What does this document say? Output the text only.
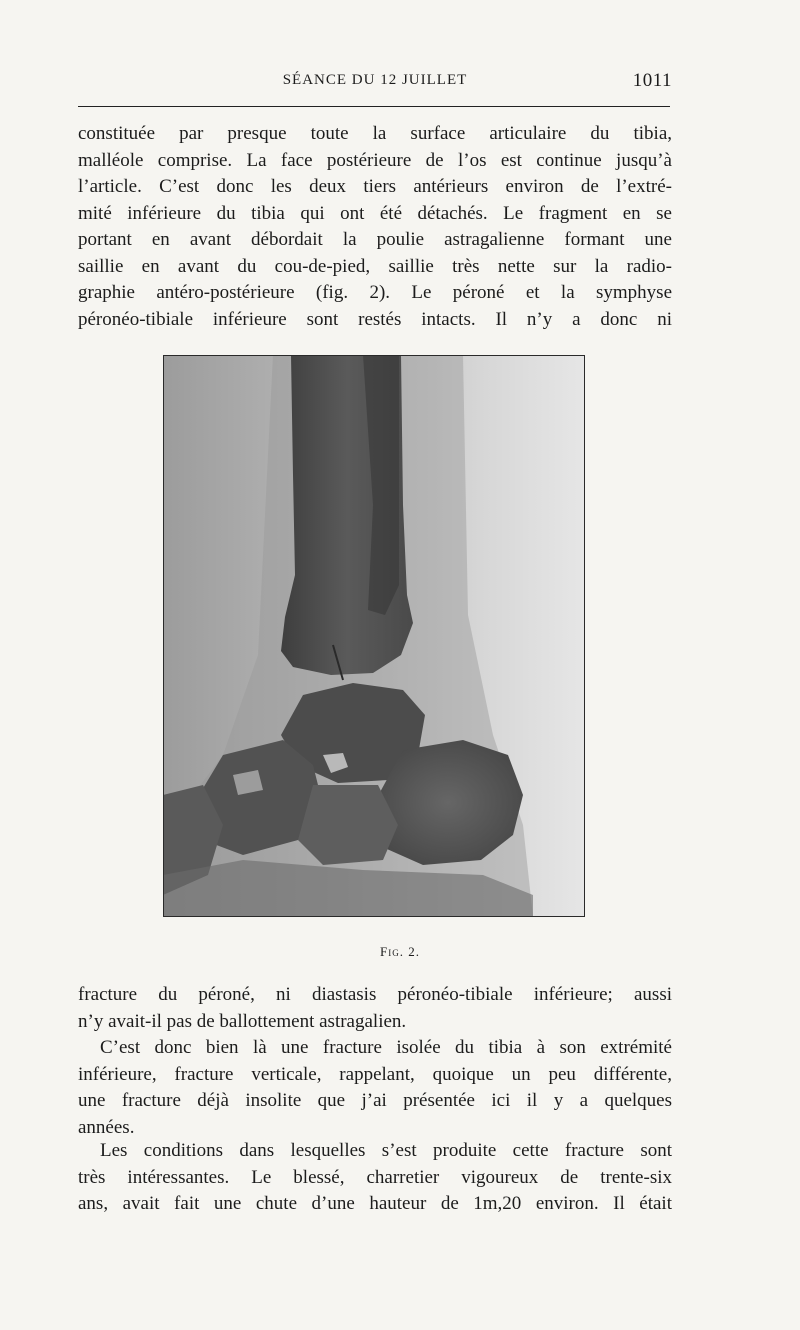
SÉANCE DU 12 JUILLET	1011

constituée par presque toute la surface articulaire du tibia,
malléole comprise. La face postérieure de l’os est continue jusqu’à
l’article. C’est donc les deux tiers antérieurs environ de l’extré-
mité inférieure du tibia qui ont été détachés. Le fragment en se
portant en avant débordait la poulie astragalienne formant une
saillie en avant du cou-de-pied, saillie très nette sur la radio-
graphie antéro-postérieure (fig. 2). Le péroné et la symphyse
péronéo-tibiale inférieure sont restés intacts. Il n’y a donc ni

Fig. 2.

fracture du péroné, ni diastasis péronéo-tibiale inférieure; aussi
n’y avait-il pas de ballottement astragalien.

C’est donc bien là une fracture isolée du tibia à son extrémité
inférieure, fracture verticale, rappelant, quoique un peu différente,
une fracture déjà insolite que j’ai présentée ici il y a quelques
années.

Les conditions dans lesquelles s’est produite cette fracture sont
très intéressantes. Le blessé, charretier vigoureux de trente-six
ans, avait fait une chute d’une hauteur de 1m,20 environ. Il était
